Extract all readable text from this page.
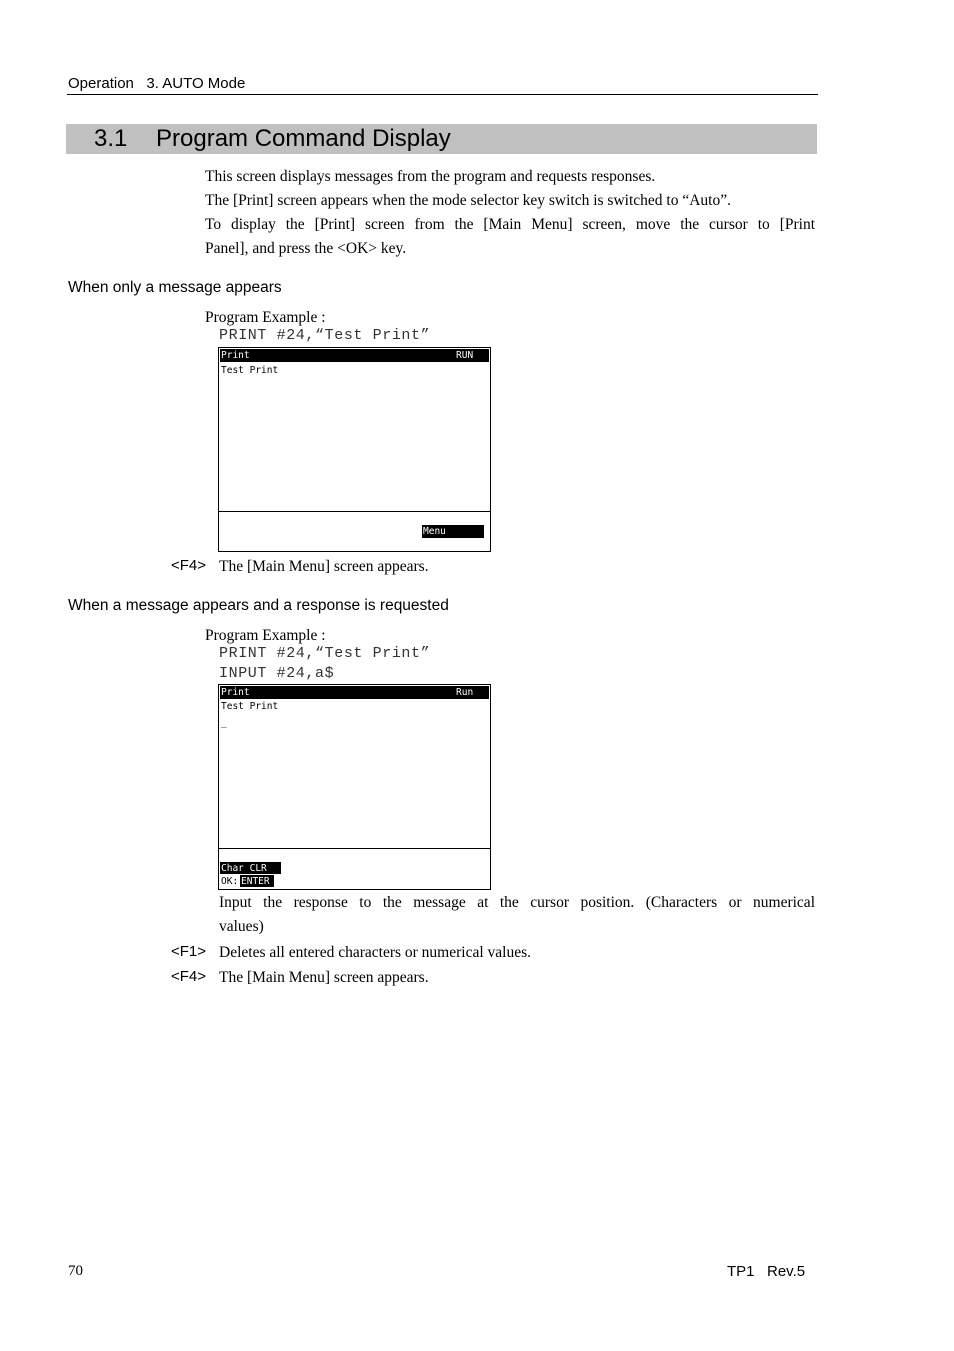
Operation   3. AUTO Mode
3.1 Program Command Display
This screen displays messages from the program and requests responses.
The [Print] screen appears when the mode selector key switch is switched to “Auto”.
To display the [Print] screen from the [Main Menu] screen, move the cursor to [Print
Panel], and press the <OK> key.
When only a message appears
Program Example :
PRINT #24,“Test Print”
Print	RUN
Test Print
Menu
<F4> The [Main Menu] screen appears.
When a message appears and a response is requested
Program Example :
PRINT #24,“Test Print”
INPUT #24,a$
Print	Run
Test Print
_
Char CLR
OK: ENTER
Input the response to the message at the cursor position. (Characters or numerical
values)
<F1> Deletes all entered characters or numerical values.
<F4> The [Main Menu] screen appears.
70	TP1   Rev.5
